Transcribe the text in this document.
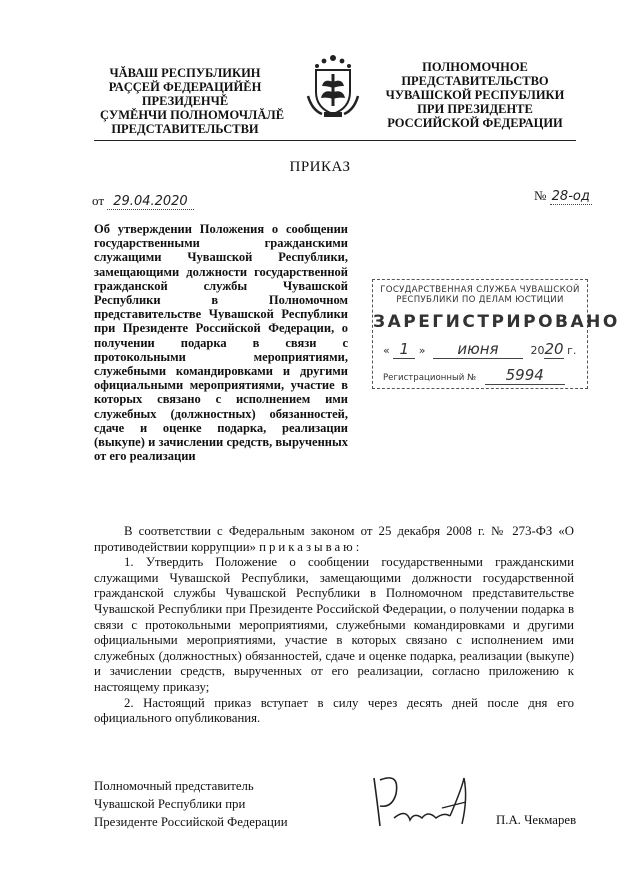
ЧĂВАШ РЕСПУБЛИКИН
РАÇÇЕЙ ФЕДЕРАЦИЙĚН
ПРЕЗИДЕНЧĚ
ÇУМĚНЧИ ПОЛНОМОЧЛĂЛĔ
ПРЕДСТАВИТЕЛЬСТВИ
ПОЛНОМОЧНОЕ
ПРЕДСТАВИТЕЛЬСТВО
ЧУВАШСКОЙ РЕСПУБЛИКИ
ПРИ ПРЕЗИДЕНТЕ
РОССИЙСКОЙ ФЕДЕРАЦИИ
ПРИКАЗ
от 29.04.2020	№ 28-од
Об утверждении Положения о сообщении государственными гражданскими служащими Чувашской Республики, замещающими должности государственной гражданской службы Чувашской Республики в Полномочном представительстве Чувашской Республики при Президенте Российской Федерации, о получении подарка в связи с протокольными мероприятиями, служебными командировками и другими официальными мероприятиями, участие в которых связано с исполнением ими служебных (должностных) обязанностей, сдаче и оценке подарка, реализации (выкупе) и зачислении средств, вырученных от его реализации
ГОСУДАРСТВЕННАЯ СЛУЖБА ЧУВАШСКОЙ
РЕСПУБЛИКИ ПО ДЕЛАМ ЮСТИЦИИ
ЗАРЕГИСТРИРОВАНО
« 1 » июня	2020 г.
Регистрационный № 5994

В соответствии с Федеральным законом от 25 декабря 2008 г. № 273-ФЗ «О противодействии коррупции» приказываю:

1. Утвердить Положение о сообщении государственными гражданскими служащими Чувашской Республики, замещающими должности государственной гражданской службы Чувашской Республики в Полномочном представительстве Чувашской Республики при Президенте Российской Федерации, о получении подарка в связи с протокольными мероприятиями, служебными командировками и другими официальными мероприятиями, участие в которых связано с исполнением ими служебных (должностных) обязанностей, сдаче и оценке подарка, реализации (выкупе) и зачислении средств, вырученных от его реализации, согласно приложению к настоящему приказу;

2. Настоящий приказ вступает в силу через десять дней после дня его официального опубликования.

Полномочный представитель
Чувашской Республики при
Президенте Российской Федерации	П.А. Чекмарев
